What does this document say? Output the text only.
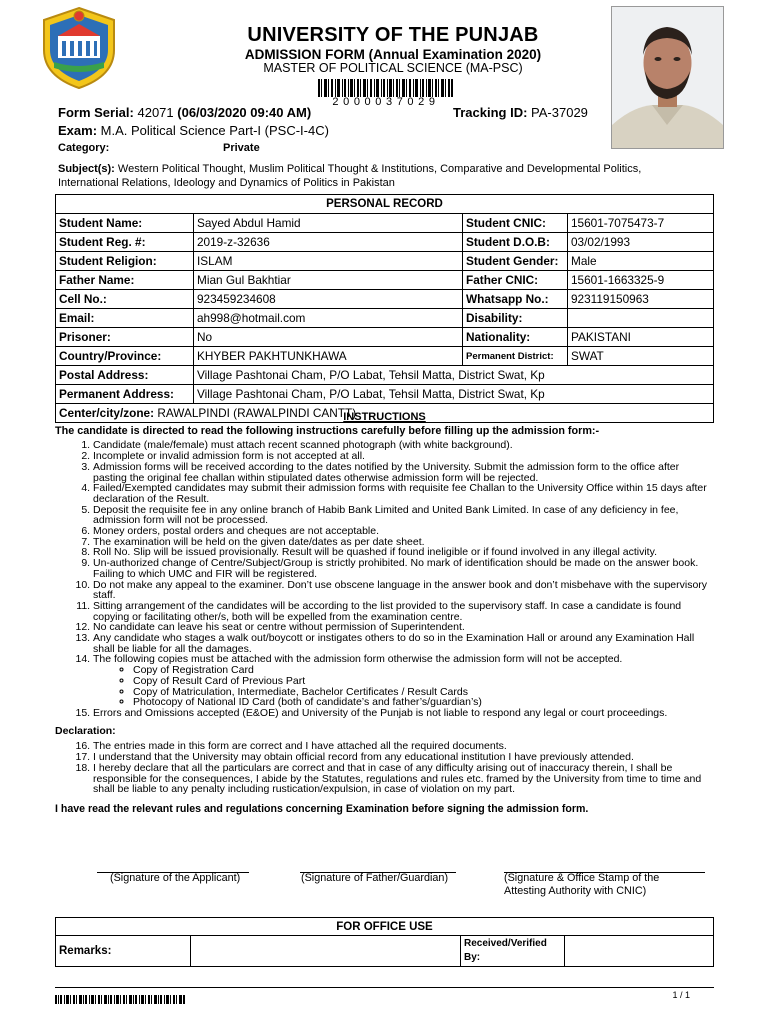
UNIVERSITY OF THE PUNJAB
ADMISSION FORM (Annual Examination 2020)
MASTER OF POLITICAL SCIENCE (MA-PSC)
2000037029
Form Serial: 42071 (06/03/2020 09:40 AM)	Tracking ID: PA-37029
Exam: M.A. Political Science Part-I (PSC-I-4C)
Category:	Private
Subject(s): Western Political Thought, Muslim Political Thought & Institutions, Comparative and Developmental Politics,
International Relations, Ideology and Dynamics of Politics in Pakistan
PERSONAL RECORD			
Student Name:	Sayed Abdul Hamid	Student CNIC:	15601-7075473-7
Student Reg. #:	2019-z-32636	Student D.O.B:	03/02/1993
Student Religion:	ISLAM	Student Gender:	Male
Father Name:	Mian Gul Bakhtiar	Father CNIC:	15601-1663325-9
Cell No.:	923459234608	Whatsapp No.:	923119150963
Email:	ah998@hotmail.com	Disability:	
Prisoner:	No	Nationality:	PAKISTANI
Country/Province:	KHYBER PAKHTUNKHAWA	Permanent District:	SWAT
Postal Address:	Village Pashtonai Cham, P/O Labat, Tehsil Matta, District Swat, Kp		
Permanent Address:	Village Pashtonai Cham, P/O Labat, Tehsil Matta, District Swat, Kp		
Center/city/zone: RAWALPINDI (RAWALPINDI CANTT)			
INSTRUCTIONS
The candidate is directed to read the following instructions carefully before filling up the admission form:-
1. Candidate (male/female) must attach recent scanned photograph (with white background).
2. Incomplete or invalid admission form is not accepted at all.
3. Admission forms will be received according to the dates notified by the University. Submit the admission form to the office after pasting the original fee challan within stipulated dates otherwise admission form will be rejected.
4. Failed/Exempted candidates may submit their admission forms with requisite fee Challan to the University Office within 15 days after declaration of the Result.
5. Deposit the requisite fee in any online branch of Habib Bank Limited and United Bank Limited. In case of any deficiency in fee, admission form will not be processed.
6. Money orders, postal orders and cheques are not acceptable.
7. The examination will be held on the given date/dates as per date sheet.
8. Roll No. Slip will be issued provisionally. Result will be quashed if found ineligible or if found involved in any illegal activity.
9. Un-authorized change of Centre/Subject/Group is strictly prohibited. No mark of identification should be made on the answer book. Failing to which UMC and FIR will be registered.
10. Do not make any appeal to the examiner. Don’t use obscene language in the answer book and don’t misbehave with the supervisory staff.
11. Sitting arrangement of the candidates will be according to the list provided to the supervisory staff. In case a candidate is found copying or facilitating other/s, both will be expelled from the examination centre.
12. No candidate can leave his seat or centre without permission of Superintendent.
13. Any candidate who stages a walk out/boycott or instigates others to do so in the Examination Hall or around any Examination Hall shall be liable for all the damages.
14. The following copies must be attached with the admission form otherwise the admission form will not be accepted.
◦ Copy of Registration Card
◦ Copy of Result Card of Previous Part
◦ Copy of Matriculation, Intermediate, Bachelor Certificates / Result Cards
◦ Photocopy of National ID Card (both of candidate’s and father’s/guardian’s)
15. Errors and Omissions accepted (E&OE) and University of the Punjab is not liable to respond any legal or court proceedings.
Declaration:
16. The entries made in this form are correct and I have attached all the required documents.
17. I understand that the University may obtain official record from any educational institution I have previously attended.
18. I hereby declare that all the particulars are correct and that in case of any difficulty arising out of inaccuracy therein, I shall be responsible for the consequences, I abide by the Statutes, regulations and rules etc. framed by the University from time to time and shall be liable to any penalty including rustication/expulsion, in case of violation on my part.
I have read the relevant rules and regulations concerning Examination before signing the admission form.
(Signature of the Applicant)	(Signature of Father/Guardian)	(Signature & Office Stamp of the
Attesting Authority with CNIC)
FOR OFFICE USE
Remarks:		Received/Verified
By:	
1 / 1
